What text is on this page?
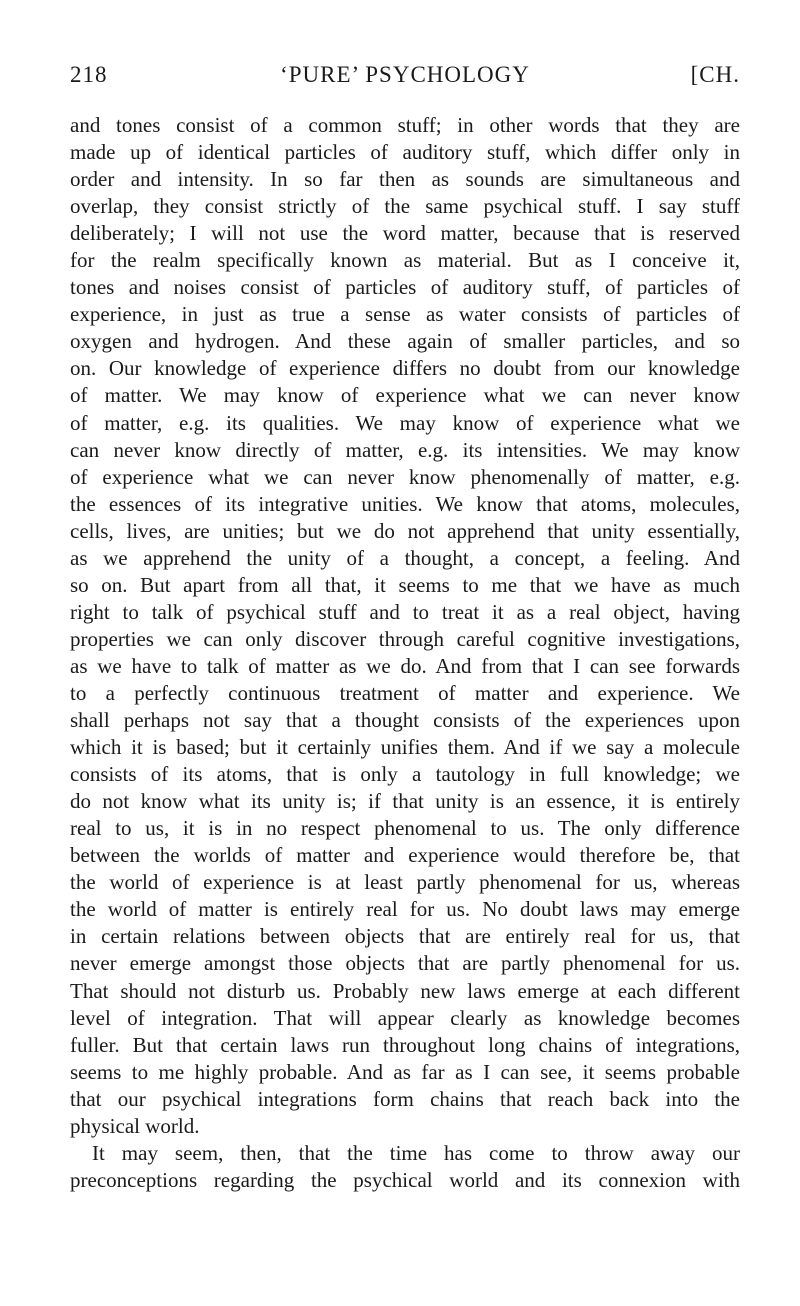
218	‘PURE’ PSYCHOLOGY	[CH.
and tones consist of a common stuff; in other words that they are
made up of identical particles of auditory stuff, which differ only in
order and intensity. In so far then as sounds are simultaneous and
overlap, they consist strictly of the same psychical stuff. I say stuff
deliberately; I will not use the word matter, because that is reserved
for the realm specifically known as material. But as I conceive it,
tones and noises consist of particles of auditory stuff, of particles of
experience, in just as true a sense as water consists of particles of
oxygen and hydrogen. And these again of smaller particles, and so
on. Our knowledge of experience differs no doubt from our knowledge
of matter. We may know of experience what we can never know
of matter, e.g. its qualities. We may know of experience what we
can never know directly of matter, e.g. its intensities. We may know
of experience what we can never know phenomenally of matter, e.g.
the essences of its integrative unities. We know that atoms, molecules,
cells, lives, are unities; but we do not apprehend that unity essentially,
as we apprehend the unity of a thought, a concept, a feeling. And
so on. But apart from all that, it seems to me that we have as much
right to talk of psychical stuff and to treat it as a real object, having
properties we can only discover through careful cognitive investigations,
as we have to talk of matter as we do. And from that I can see forwards
to a perfectly continuous treatment of matter and experience. We
shall perhaps not say that a thought consists of the experiences upon
which it is based; but it certainly unifies them. And if we say a molecule
consists of its atoms, that is only a tautology in full knowledge; we
do not know what its unity is; if that unity is an essence, it is entirely
real to us, it is in no respect phenomenal to us. The only difference
between the worlds of matter and experience would therefore be, that
the world of experience is at least partly phenomenal for us, whereas
the world of matter is entirely real for us. No doubt laws may emerge
in certain relations between objects that are entirely real for us, that
never emerge amongst those objects that are partly phenomenal for us.
That should not disturb us. Probably new laws emerge at each different
level of integration. That will appear clearly as knowledge becomes
fuller. But that certain laws run throughout long chains of integrations,
seems to me highly probable. And as far as I can see, it seems probable
that our psychical integrations form chains that reach back into the
physical world.
It may seem, then, that the time has come to throw away our
preconceptions regarding the psychical world and its connexion with
